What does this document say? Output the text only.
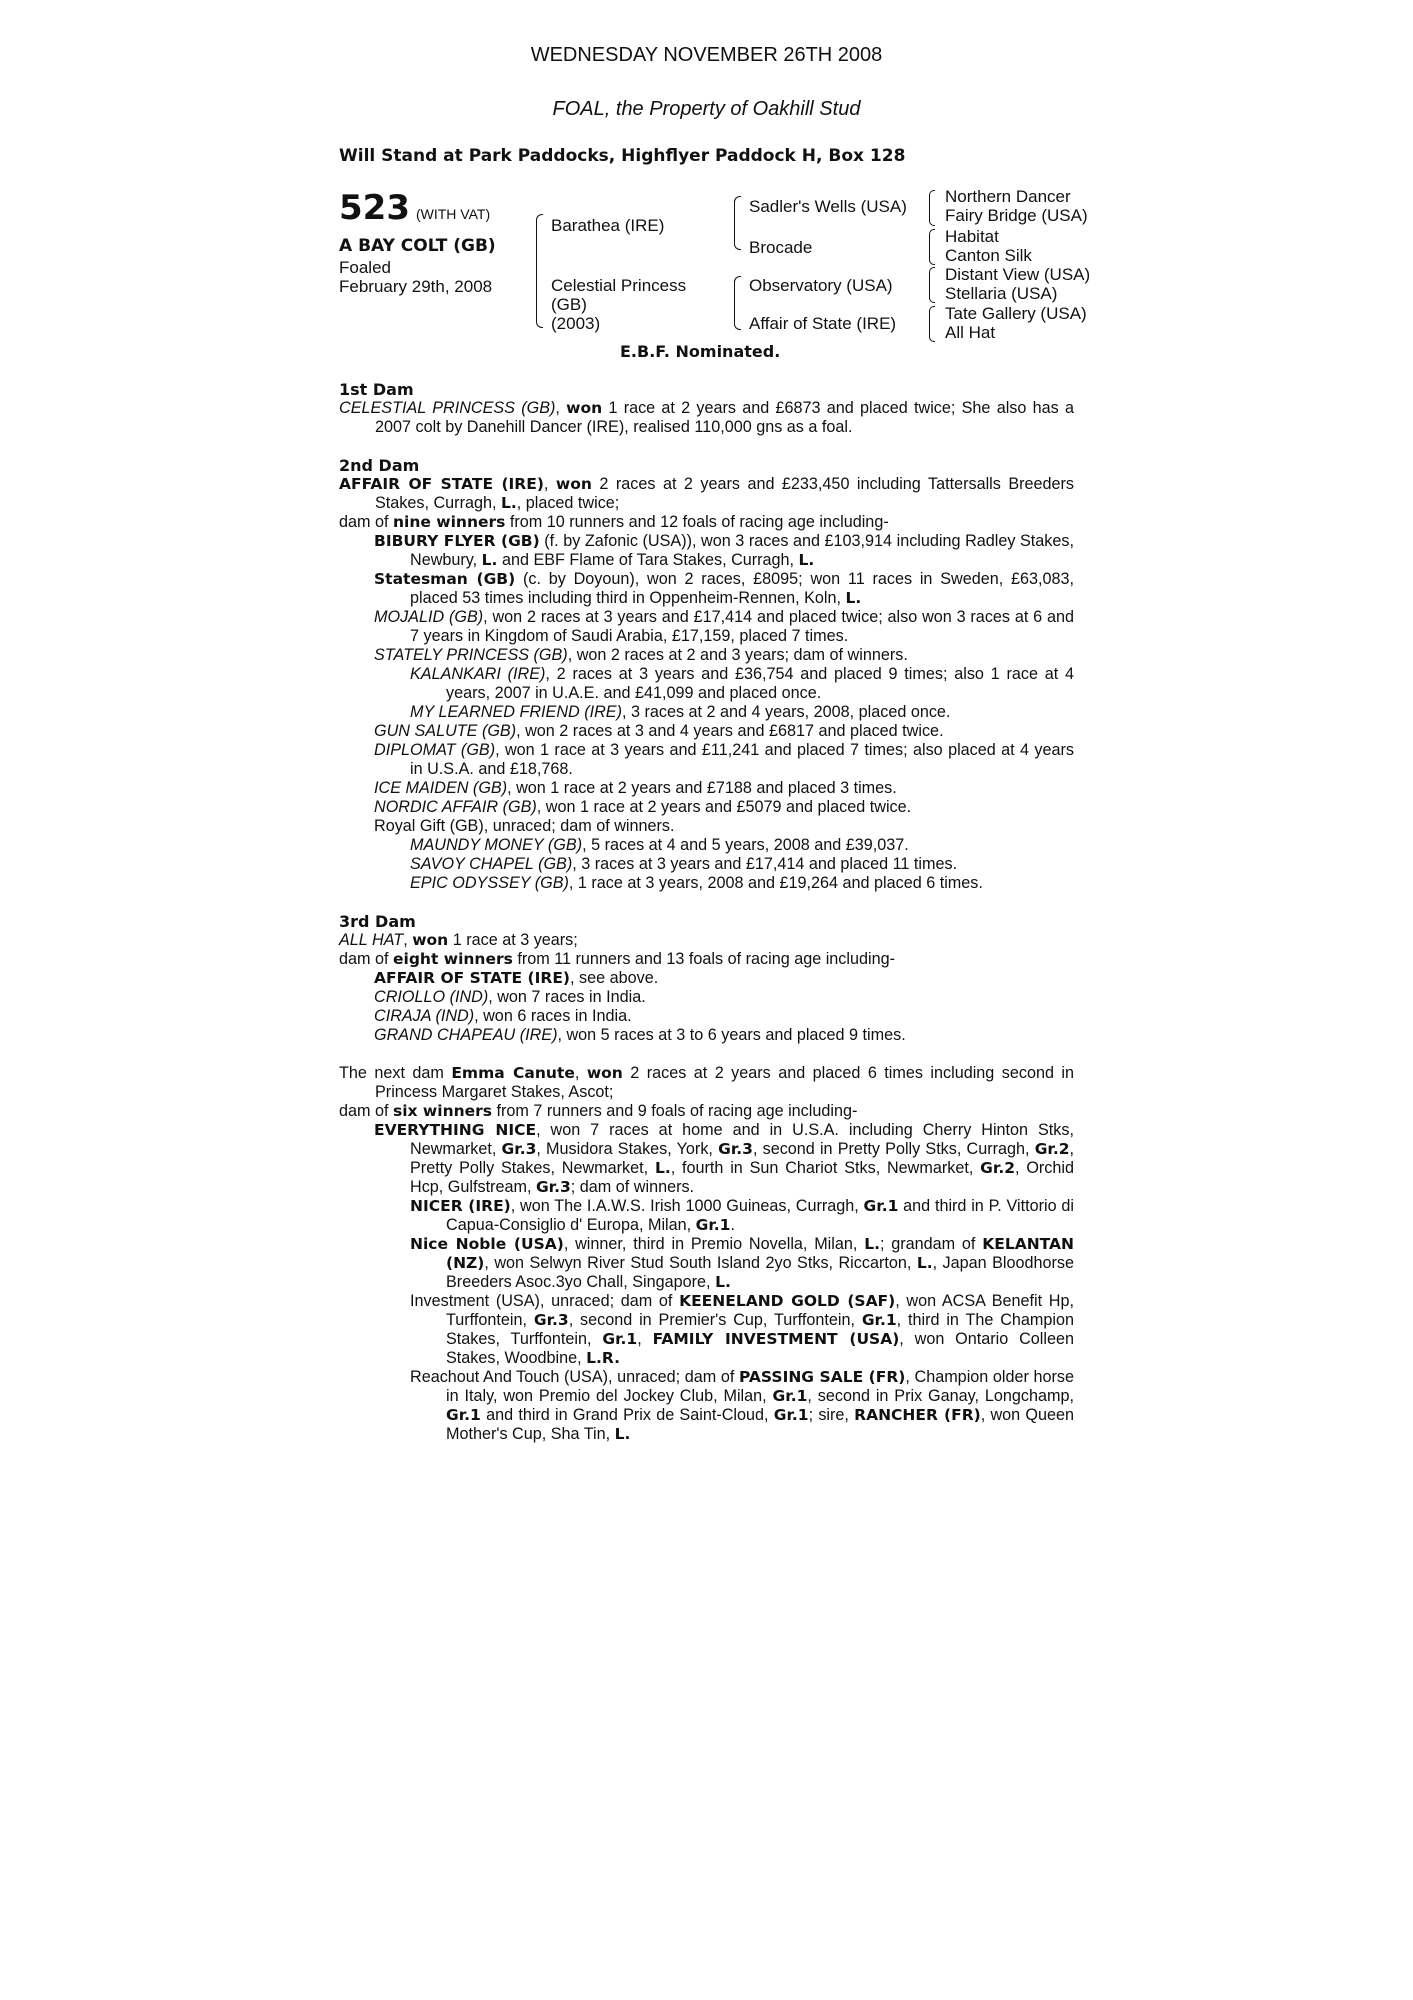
WEDNESDAY NOVEMBER 26TH 2008
FOAL, the Property of Oakhill Stud
Will Stand at Park Paddocks, Highflyer Paddock H, Box 128
523 (WITH VAT)
A BAY COLT (GB)
Foaled
February 29th, 2008
Barathea (IRE)
Celestial Princess
(GB)
(2003)
Sadler's Wells (USA)
Brocade
Observatory (USA)
Affair of State (IRE)
Northern Dancer
Fairy Bridge (USA)
Habitat
Canton Silk
Distant View (USA)
Stellaria (USA)
Tate Gallery (USA)
All Hat
E.B.F. Nominated.
1st Dam

CELESTIAL PRINCESS (GB), won 1 race at 2 years and £6873 and placed twice; She also has a 2007 colt by Danehill Dancer (IRE), realised 110,000 gns as a foal.

2nd Dam

AFFAIR OF STATE (IRE), won 2 races at 2 years and £233,450 including Tattersalls Breeders Stakes, Curragh, L., placed twice;

dam of nine winners from 10 runners and 12 foals of racing age including-

BIBURY FLYER (GB) (f. by Zafonic (USA)), won 3 races and £103,914 including Radley Stakes, Newbury, L. and EBF Flame of Tara Stakes, Curragh, L.

Statesman (GB) (c. by Doyoun), won 2 races, £8095; won 11 races in Sweden, £63,083, placed 53 times including third in Oppenheim-Rennen, Koln, L.

MOJALID (GB), won 2 races at 3 years and £17,414 and placed twice; also won 3 races at 6 and 7 years in Kingdom of Saudi Arabia, £17,159, placed 7 times.

STATELY PRINCESS (GB), won 2 races at 2 and 3 years; dam of winners.

KALANKARI (IRE), 2 races at 3 years and £36,754 and placed 9 times; also 1 race at 4 years, 2007 in U.A.E. and £41,099 and placed once.

MY LEARNED FRIEND (IRE), 3 races at 2 and 4 years, 2008, placed once.

GUN SALUTE (GB), won 2 races at 3 and 4 years and £6817 and placed twice.

DIPLOMAT (GB), won 1 race at 3 years and £11,241 and placed 7 times; also placed at 4 years in U.S.A. and £18,768.

ICE MAIDEN (GB), won 1 race at 2 years and £7188 and placed 3 times.

NORDIC AFFAIR (GB), won 1 race at 2 years and £5079 and placed twice.

Royal Gift (GB), unraced; dam of winners.

MAUNDY MONEY (GB), 5 races at 4 and 5 years, 2008 and £39,037.

SAVOY CHAPEL (GB), 3 races at 3 years and £17,414 and placed 11 times.

EPIC ODYSSEY (GB), 1 race at 3 years, 2008 and £19,264 and placed 6 times.

3rd Dam

ALL HAT, won 1 race at 3 years;

dam of eight winners from 11 runners and 13 foals of racing age including-

AFFAIR OF STATE (IRE), see above.

CRIOLLO (IND), won 7 races in India.

CIRAJA (IND), won 6 races in India.

GRAND CHAPEAU (IRE), won 5 races at 3 to 6 years and placed 9 times.

The next dam Emma Canute, won 2 races at 2 years and placed 6 times including second in Princess Margaret Stakes, Ascot;

dam of six winners from 7 runners and 9 foals of racing age including-

EVERYTHING NICE, won 7 races at home and in U.S.A. including Cherry Hinton Stks, Newmarket, Gr.3, Musidora Stakes, York, Gr.3, second in Pretty Polly Stks, Curragh, Gr.2, Pretty Polly Stakes, Newmarket, L., fourth in Sun Chariot Stks, Newmarket, Gr.2, Orchid Hcp, Gulfstream, Gr.3; dam of winners.

NICER (IRE), won The I.A.W.S. Irish 1000 Guineas, Curragh, Gr.1 and third in P. Vittorio di Capua-Consiglio d' Europa, Milan, Gr.1.

Nice Noble (USA), winner, third in Premio Novella, Milan, L.; grandam of KELANTAN (NZ), won Selwyn River Stud South Island 2yo Stks, Riccarton, L., Japan Bloodhorse Breeders Asoc.3yo Chall, Singapore, L.

Investment (USA), unraced; dam of KEENELAND GOLD (SAF), won ACSA Benefit Hp, Turffontein, Gr.3, second in Premier's Cup, Turffontein, Gr.1, third in The Champion Stakes, Turffontein, Gr.1, FAMILY INVESTMENT (USA), won Ontario Colleen Stakes, Woodbine, L.R.

Reachout And Touch (USA), unraced; dam of PASSING SALE (FR), Champion older horse in Italy, won Premio del Jockey Club, Milan, Gr.1, second in Prix Ganay, Longchamp, Gr.1 and third in Grand Prix de Saint-Cloud, Gr.1; sire, RANCHER (FR), won Queen Mother's Cup, Sha Tin, L.
